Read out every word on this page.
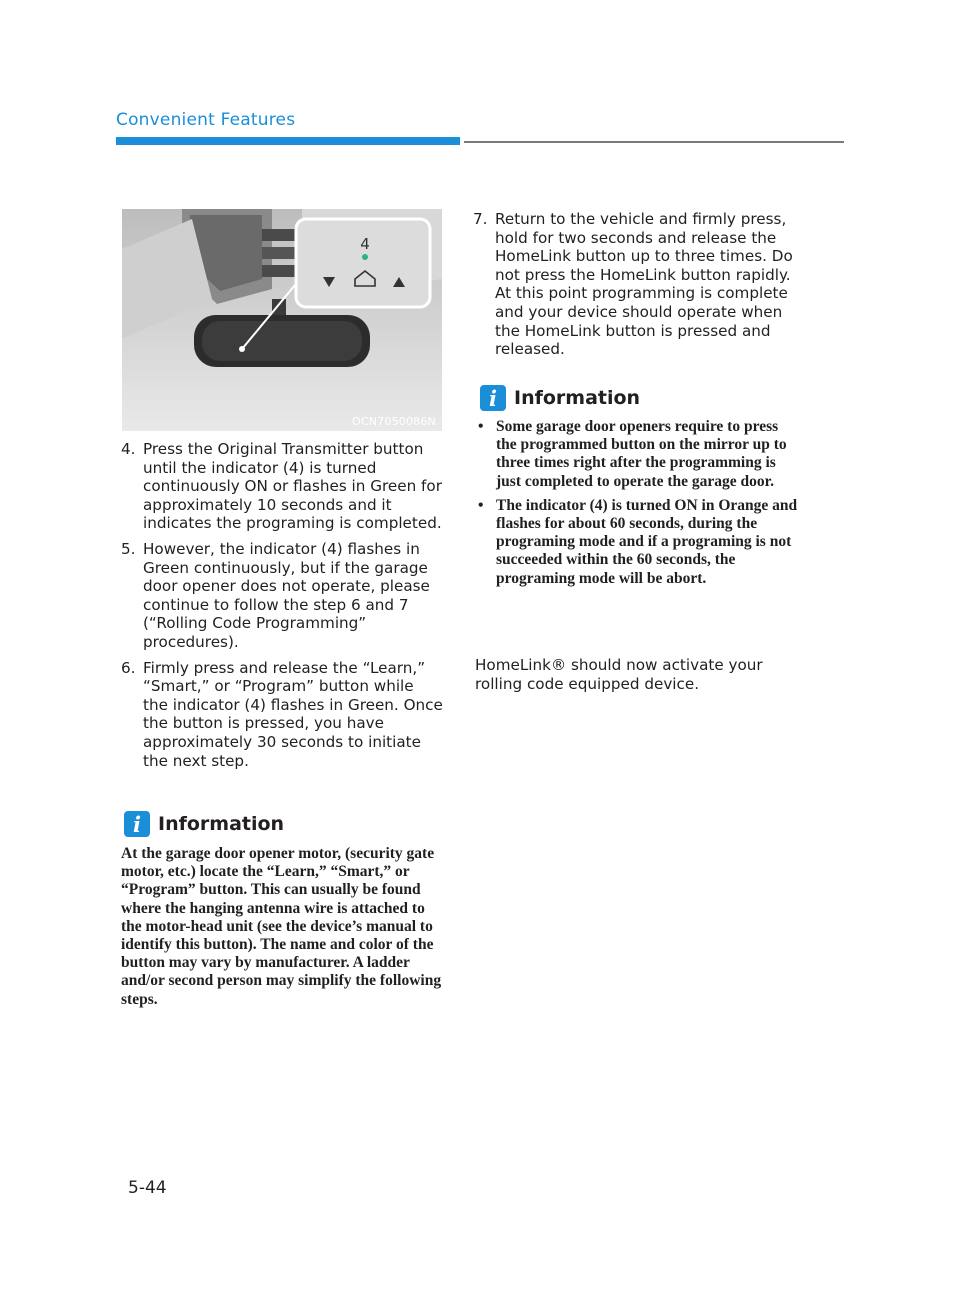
Convenient Features
4
OCN7050086N
4. Press the Original Transmitter button until the indicator (4) is turned continuously ON or flashes in Green for approximately 10 seconds and it indicates the programing is completed.
5. However, the indicator (4) flashes in Green continuously, but if the garage door opener does not operate, please continue to follow the step 6 and 7 (“Rolling Code Programming” procedures).
6. Firmly press and release the “Learn,” “Smart,” or “Program” button while the indicator (4) flashes in Green. Once the button is pressed, you have approximately 30 seconds to initiate the next step.
i Information
At the garage door opener motor, (security gate motor, etc.) locate the “Learn,” “Smart,” or “Program” button. This can usually be found where the hanging antenna wire is attached to the motor-head unit (see the device’s manual to identify this button). The name and color of the button may vary by manufacturer. A ladder and/or second person may simplify the following steps.
7. Return to the vehicle and firmly press, hold for two seconds and release the HomeLink button up to three times. Do not press the HomeLink button rapidly. At this point programming is complete and your device should operate when the HomeLink button is pressed and released.
i Information
• Some garage door openers require to press the programmed button on the mirror up to three times right after the programming is just completed to operate the garage door.
• The indicator (4) is turned ON in Orange and flashes for about 60 seconds, during the programing mode and if a programing is not succeeded within the 60 seconds, the programing mode will be abort.
HomeLink® should now activate your rolling code equipped device.
5-44
